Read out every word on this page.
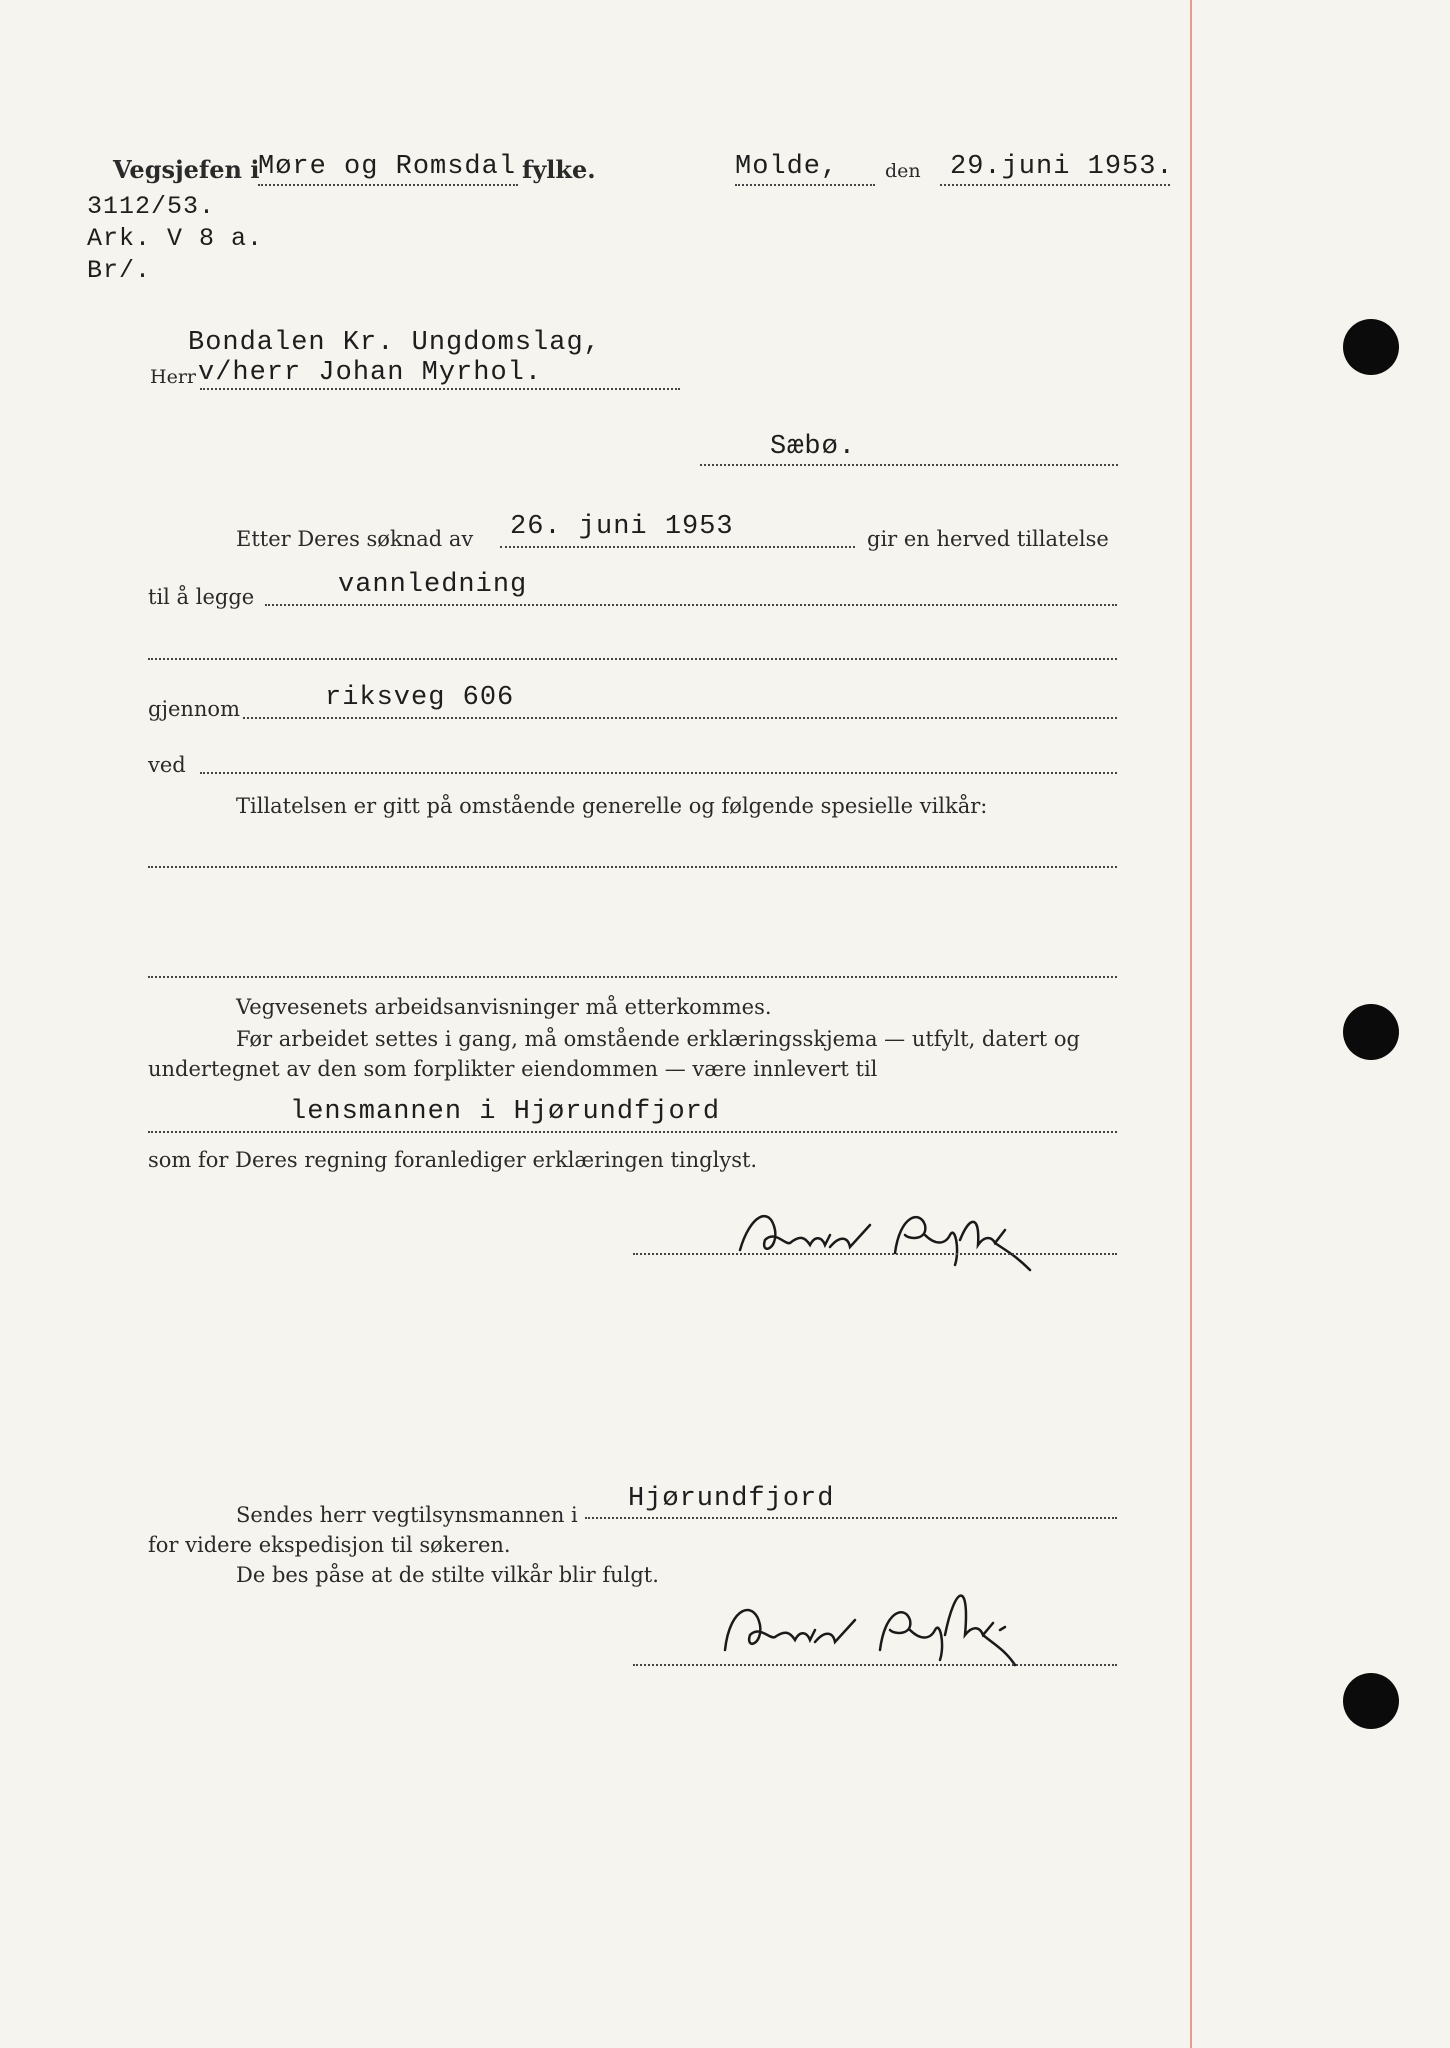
Vegsjefen i
Møre og Romsdal fylke.	Molde, den 29.juni 1953.
3112/53.
Ark. V 8 a.
Br/.
Bondalen Kr. Ungdomslag,
Herr v/herr Johan Myrhol.
Sæbø.
Etter Deres søknad av 26. juni 1953	gir en herved tillatelse
til å legge	vannledning
gjennom	riksveg 606
ved
Tillatelsen er gitt på omstående generelle og følgende spesielle vilkår:
Vegvesenets arbeidsanvisninger må etterkommes.
Før arbeidet settes i gang, må omstående erklæringsskjema — utfylt, datert og
undertegnet av den som forplikter eiendommen — være innlevert til
lensmannen i Hjørundfjord
som for Deres regning foranlediger erklæringen tinglyst.
Sendes herr vegtilsynsmannen i
Hjørundfjord
for videre ekspedisjon til søkeren.
De bes påse at de stilte vilkår blir fulgt.
